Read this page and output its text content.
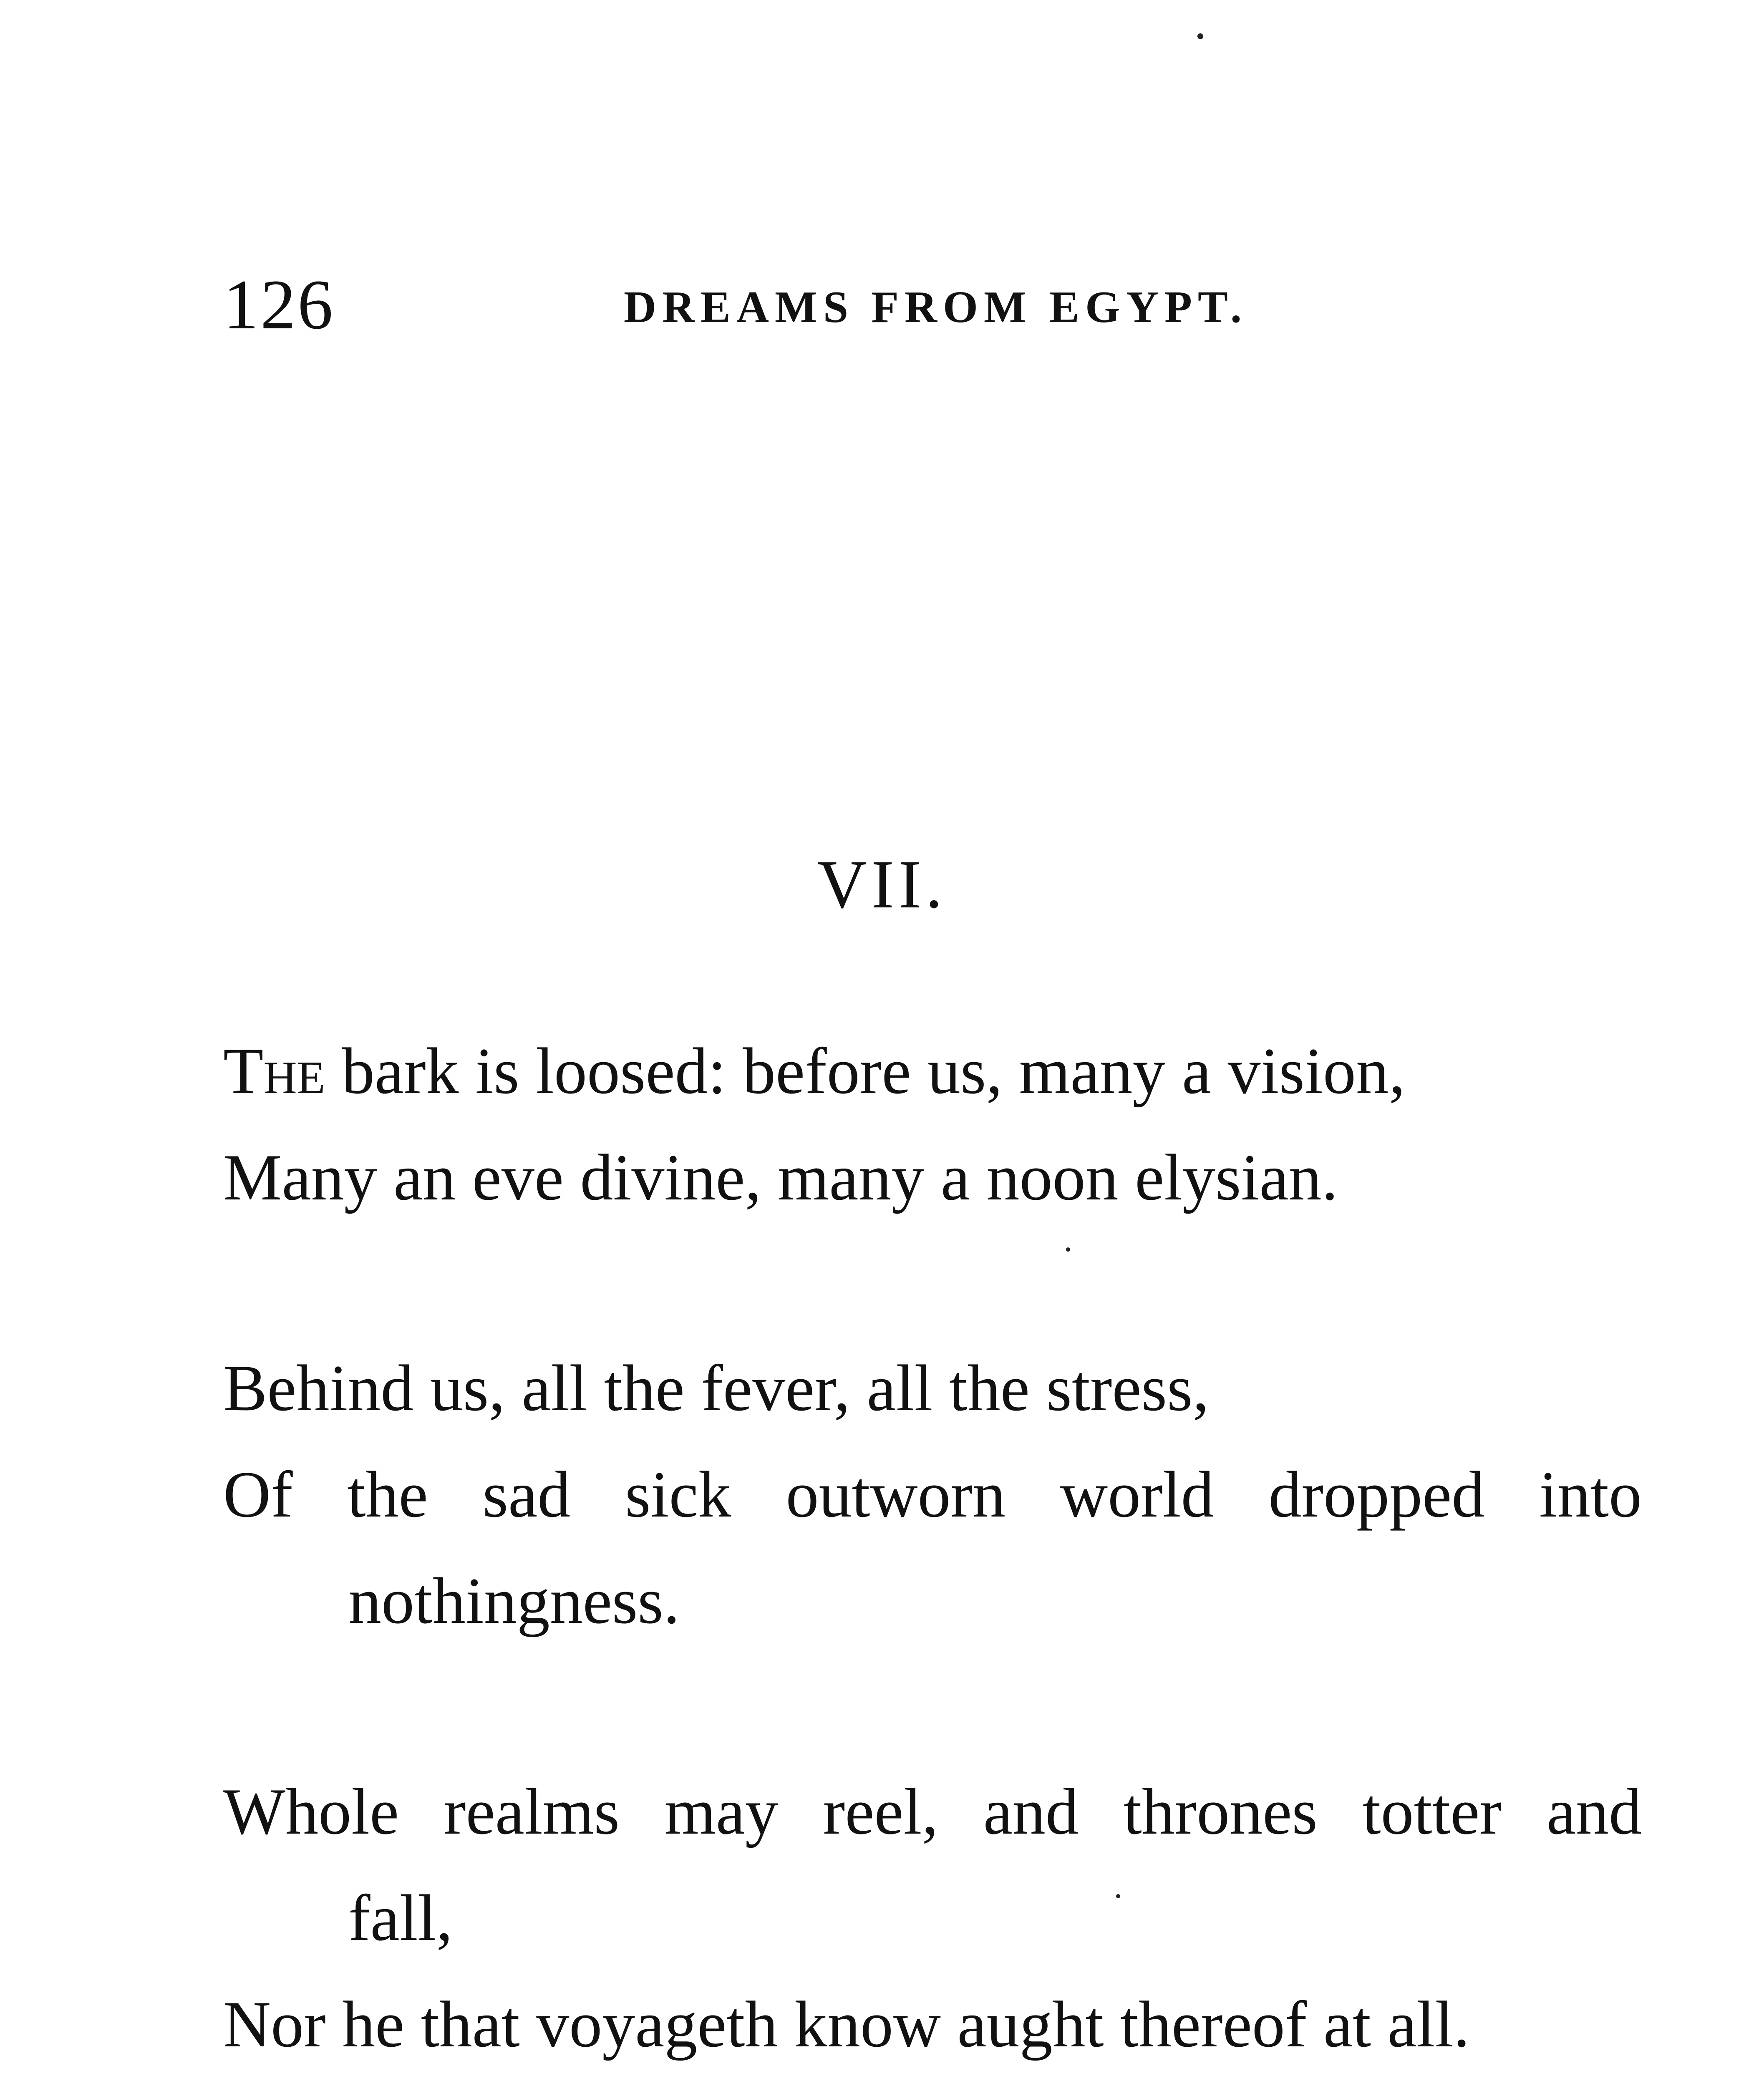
126	DREAMS FROM EGYPT.
VII.
The bark is loosed: before us, many a vision,
Many an eve divine, many a noon elysian.
Behind us, all the fever, all the stress,
Of the sad sick outworn world dropped into
nothingness.
Whole realms may reel, and thrones totter and
fall,
Nor he that voyageth know aught thereof at all.
